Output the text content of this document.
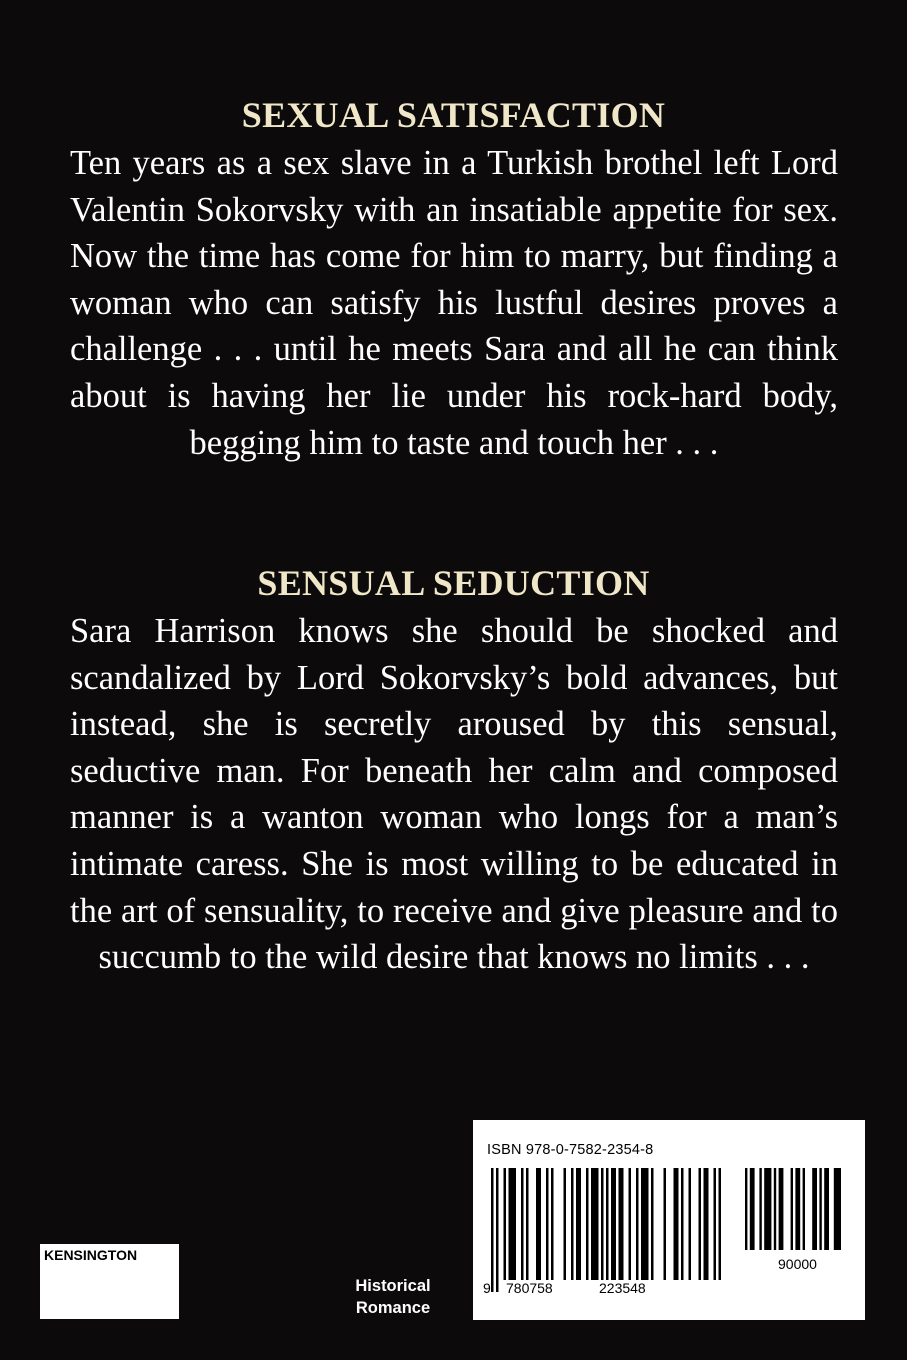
SEXUAL SATISFACTION

Ten years as a sex slave in a Turkish brothel left Lord Valentin Sokorvsky with an insatiable appetite for sex. Now the time has come for him to marry, but finding a woman who can satisfy his lustful desires proves a challenge . . . until he meets Sara and all he can think about is having her lie under his rock-hard body, begging him to taste and touch her . . .

SENSUAL SEDUCTION

Sara Harrison knows she should be shocked and scandalized by Lord Sokorvsky’s bold advances, but instead, she is secretly aroused by this sensual, seductive man. For beneath her calm and composed manner is a wanton woman who longs for a man’s intimate caress. She is most willing to be educated in the art of sensuality, to receive and give pleasure and to succumb to the wild desire that knows no limits . . .

KENSINGTON
Historical
Romance
ISBN 978-0-7582-2354-8
9 780758	223548
90000
